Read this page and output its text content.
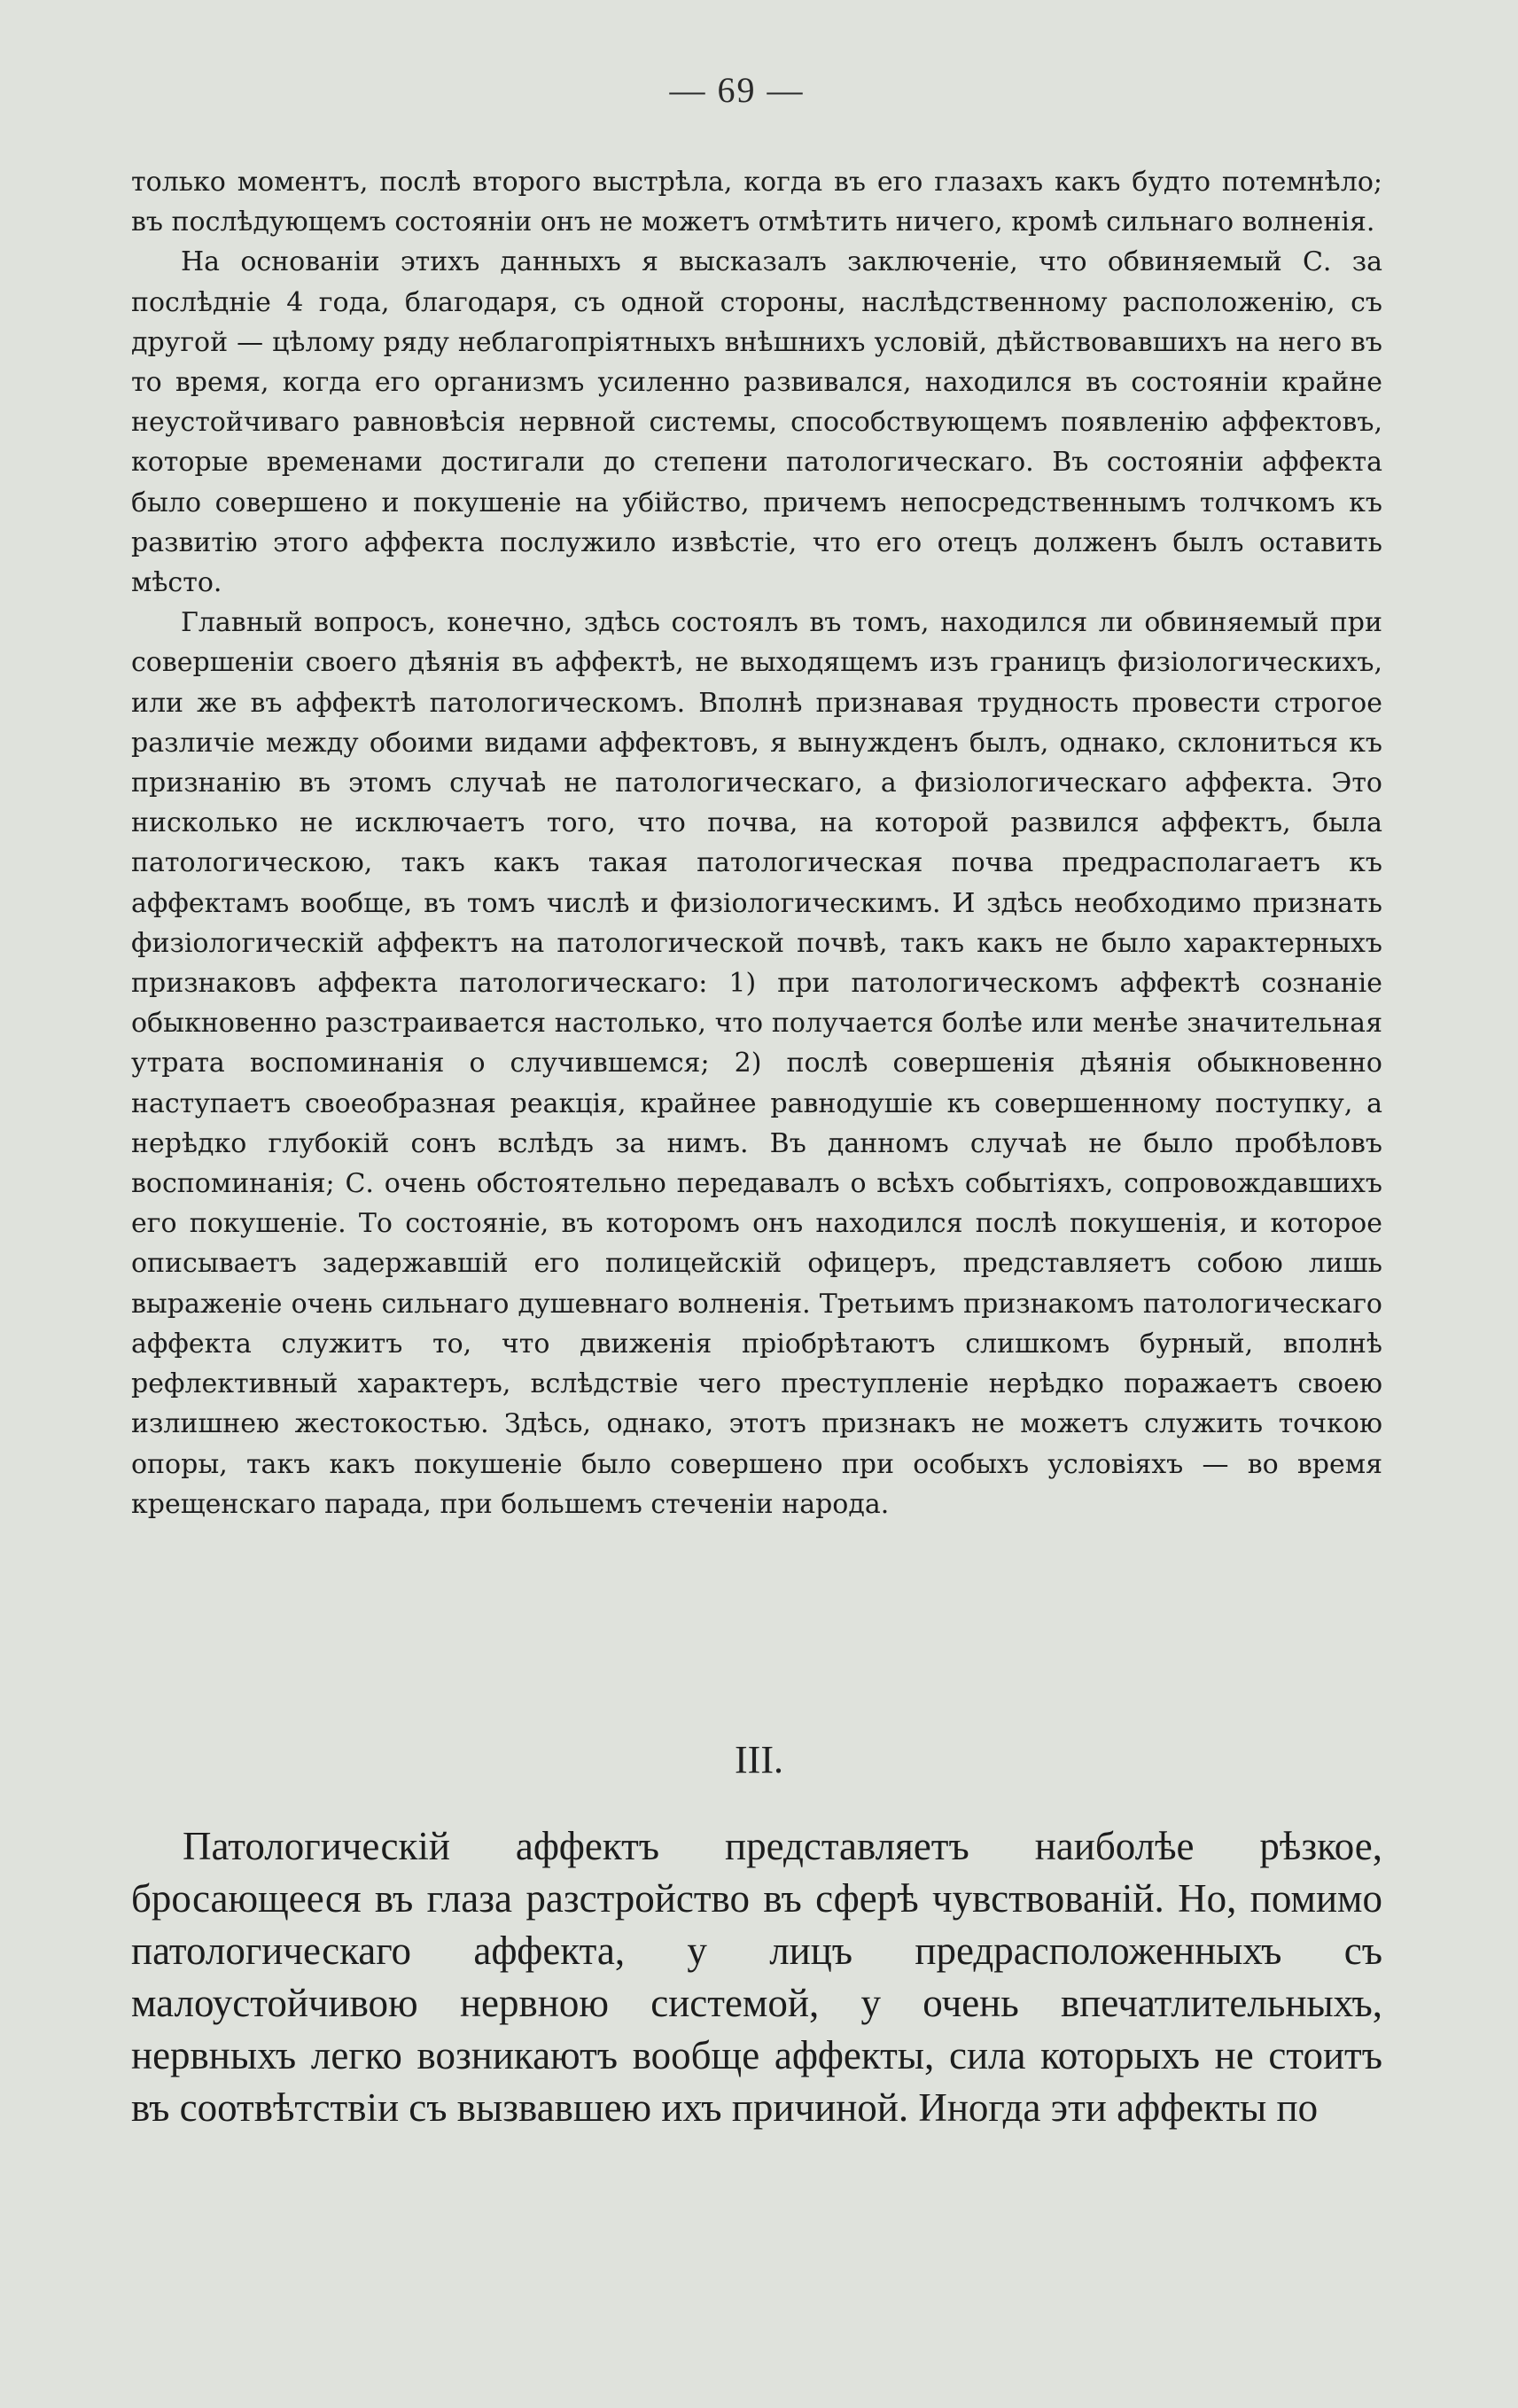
— 69 —

только моментъ, послѣ второго выстрѣла, когда въ его глазахъ какъ будто потемнѣло; въ послѣдующемъ состояніи онъ не можетъ отмѣтить ничего, кромѣ сильнаго волненія.

На основаніи этихъ данныхъ я высказалъ заключеніе, что обвиняемый С. за послѣдніе 4 года, благодаря, съ одной стороны, наслѣдственному расположенію, съ другой — цѣлому ряду неблагопріятныхъ внѣшнихъ условій, дѣйствовавшихъ на него въ то время, когда его организмъ усиленно развивался, находился въ состояніи крайне неустойчиваго равновѣсія нервной системы, способствующемъ появленію аффектовъ, которые временами достигали до степени патологическаго. Въ состояніи аффекта было совершено и покушеніе на убійство, причемъ непосредственнымъ толчкомъ къ развитію этого аффекта послужило извѣстіе, что его отецъ долженъ былъ оставить мѣсто.

Главный вопросъ, конечно, здѣсь состоялъ въ томъ, находился ли обвиняемый при совершеніи своего дѣянія въ аффектѣ, не выходящемъ изъ границъ физіологическихъ, или же въ аффектѣ патологическомъ. Вполнѣ признавая трудность провести строгое различіе между обоими видами аффектовъ, я вынужденъ былъ, однако, склониться къ признанію въ этомъ случаѣ не патологическаго, а физіологическаго аффекта. Это нисколько не исключаетъ того, что почва, на которой развился аффектъ, была патологическою, такъ какъ такая патологическая почва предрасполагаетъ къ аффектамъ вообще, въ томъ числѣ и физіологическимъ. И здѣсь необходимо признать физіологическій аффектъ на патологической почвѣ, такъ какъ не было характерныхъ признаковъ аффекта патологическаго: 1) при патологическомъ аффектѣ сознаніе обыкновенно разстраивается настолько, что получается болѣе или менѣе значительная утрата воспоминанія о случившемся; 2) послѣ совершенія дѣянія обыкновенно наступаетъ своеобразная реакція, крайнее равнодушіе къ совершенному поступку, а нерѣдко глубокій сонъ вслѣдъ за нимъ. Въ данномъ случаѣ не было пробѣловъ воспоминанія; С. очень обстоятельно передавалъ о всѣхъ событіяхъ, сопровождавшихъ его покушеніе. То состояніе, въ которомъ онъ находился послѣ покушенія, и которое описываетъ задержавшій его полицейскій офицеръ, представляетъ собою лишь выраженіе очень сильнаго душевнаго волненія. Третьимъ признакомъ патологическаго аффекта служитъ то, что движенія пріобрѣтаютъ слишкомъ бурный, вполнѣ рефлективный характеръ, вслѣдствіе чего преступленіе нерѣдко поражаетъ своею излишнею жестокостью. Здѣсь, однако, этотъ признакъ не можетъ служить точкою опоры, такъ какъ покушеніе было совершено при особыхъ условіяхъ — во время крещенскаго парада, при большемъ стеченіи народа.

III.

Патологическій аффектъ представляетъ наиболѣе рѣзкое, бросающееся въ глаза разстройство въ сферѣ чувствованій. Но, помимо патологическаго аффекта, у лицъ предрасположенныхъ съ малоустойчивою нервною системой, у очень впечатлительныхъ, нервныхъ легко возникаютъ вообще аффекты, сила которыхъ не стоитъ въ соотвѣтствіи съ вызвавшею ихъ причиной. Иногда эти аффекты по
